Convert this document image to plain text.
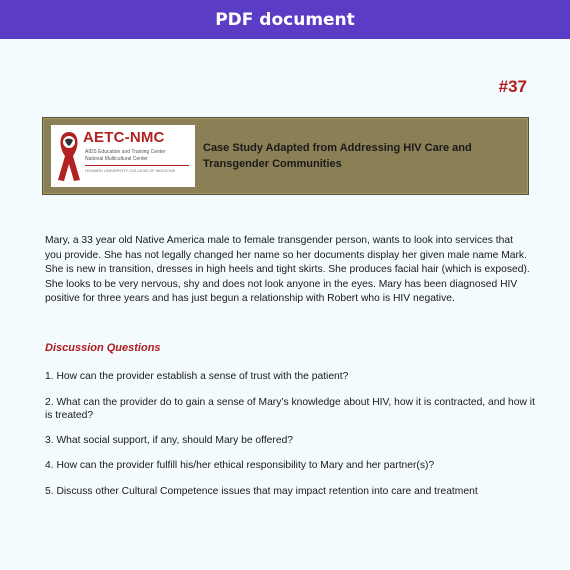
PDF document
#37
AETC-NMC
AIDS Education and Training Center
National Multicultural Center
HOWARD UNIVERSITY COLLEGE OF MEDICINE
Case Study Adapted from Addressing HIV Care and Transgender Communities

Mary, a 33 year old Native America male to female transgender person, wants to look into services that you provide. She has not legally changed her name so her documents display her given male name Mark. She is new in transition, dresses in high heels and tight skirts. She produces facial hair (which is exposed). She looks to be very nervous, shy and does not look anyone in the eyes. Mary has been diagnosed HIV positive for three years and has just begun a relationship with Robert who is HIV negative.

Discussion Questions
1. How can the provider establish a sense of trust with the patient?
2. What can the provider do to gain a sense of Mary’s knowledge about HIV, how it is contracted, and how it is treated?
3. What social support, if any, should Mary be offered?
4. How can the provider fulfill his/her ethical responsibility to Mary and her partner(s)?
5. Discuss other Cultural Competence issues that may impact retention into care and treatment
